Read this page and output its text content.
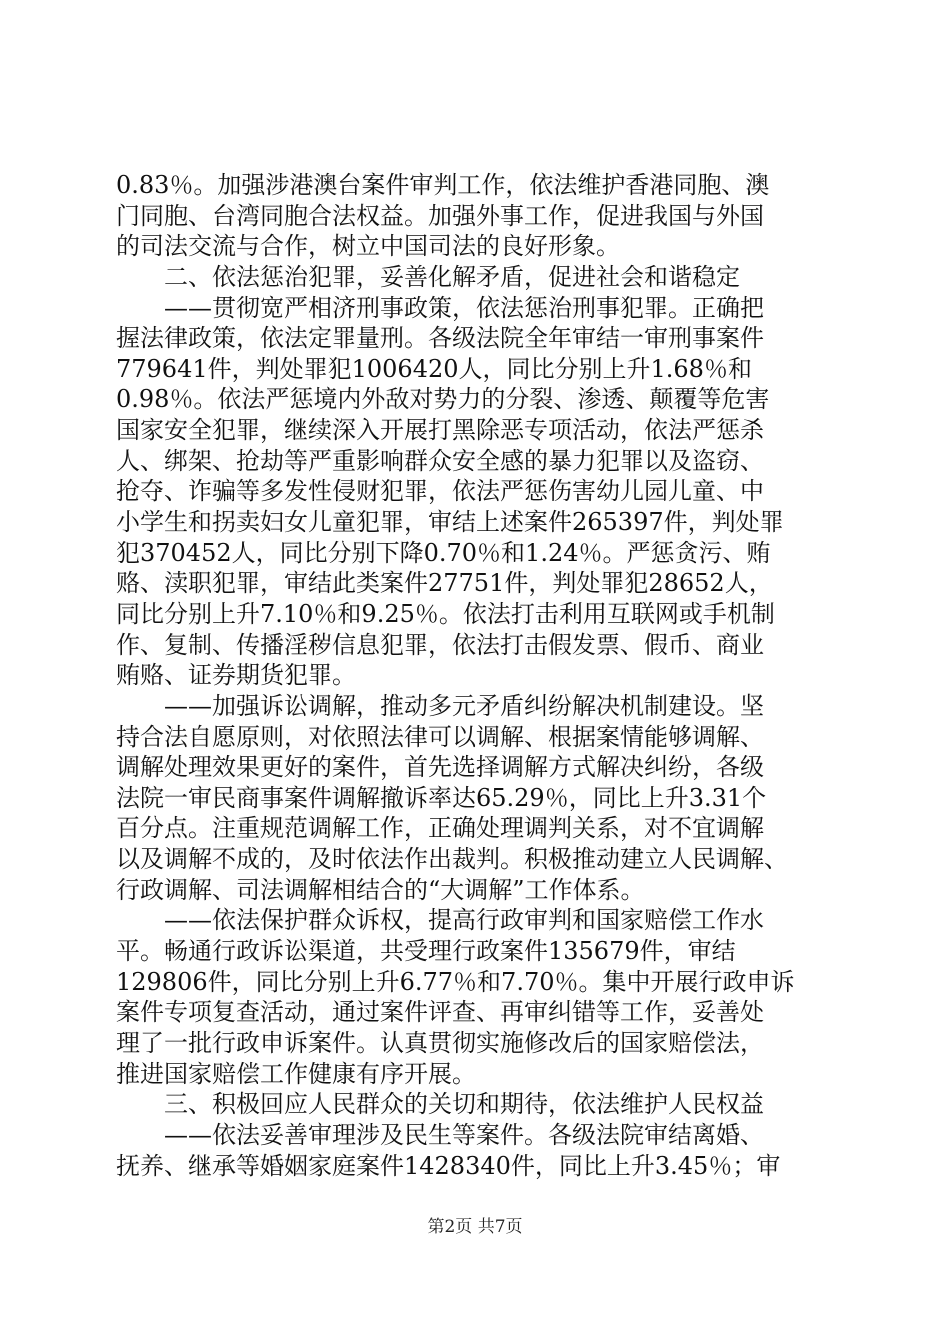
0.83％。加强涉港澳台案件审判工作，依法维护香港同胞、澳
门同胞、台湾同胞合法权益。加强外事工作，促进我国与外国
的司法交流与合作，树立中国司法的良好形象。
　　二、依法惩治犯罪，妥善化解矛盾，促进社会和谐稳定
　　——贯彻宽严相济刑事政策，依法惩治刑事犯罪。正确把
握法律政策，依法定罪量刑。各级法院全年审结一审刑事案件
779641件，判处罪犯1006420人，同比分别上升1.68％和
0.98％。依法严惩境内外敌对势力的分裂、渗透、颠覆等危害
国家安全犯罪，继续深入开展打黑除恶专项活动，依法严惩杀
人、绑架、抢劫等严重影响群众安全感的暴力犯罪以及盗窃、
抢夺、诈骗等多发性侵财犯罪，依法严惩伤害幼儿园儿童、中
小学生和拐卖妇女儿童犯罪，审结上述案件265397件，判处罪
犯370452人，同比分别下降0.70％和1.24％。严惩贪污、贿
赂、渎职犯罪，审结此类案件27751件，判处罪犯28652人，
同比分别上升7.10％和9.25％。依法打击利用互联网或手机制
作、复制、传播淫秽信息犯罪，依法打击假发票、假币、商业
贿赂、证券期货犯罪。
　　——加强诉讼调解，推动多元矛盾纠纷解决机制建设。坚
持合法自愿原则，对依照法律可以调解、根据案情能够调解、
调解处理效果更好的案件，首先选择调解方式解决纠纷，各级
法院一审民商事案件调解撤诉率达65.29％，同比上升3.31个
百分点。注重规范调解工作，正确处理调判关系，对不宜调解
以及调解不成的，及时依法作出裁判。积极推动建立人民调解、
行政调解、司法调解相结合的“大调解”工作体系。
　　——依法保护群众诉权，提高行政审判和国家赔偿工作水
平。畅通行政诉讼渠道，共受理行政案件135679件，审结
129806件，同比分别上升6.77％和7.70％。集中开展行政申诉
案件专项复查活动，通过案件评查、再审纠错等工作，妥善处
理了一批行政申诉案件。认真贯彻实施修改后的国家赔偿法，
推进国家赔偿工作健康有序开展。
　　三、积极回应人民群众的关切和期待，依法维护人民权益
　　——依法妥善审理涉及民生等案件。各级法院审结离婚、
抚养、继承等婚姻家庭案件1428340件，同比上升3.45％；审
第2页 共7页
